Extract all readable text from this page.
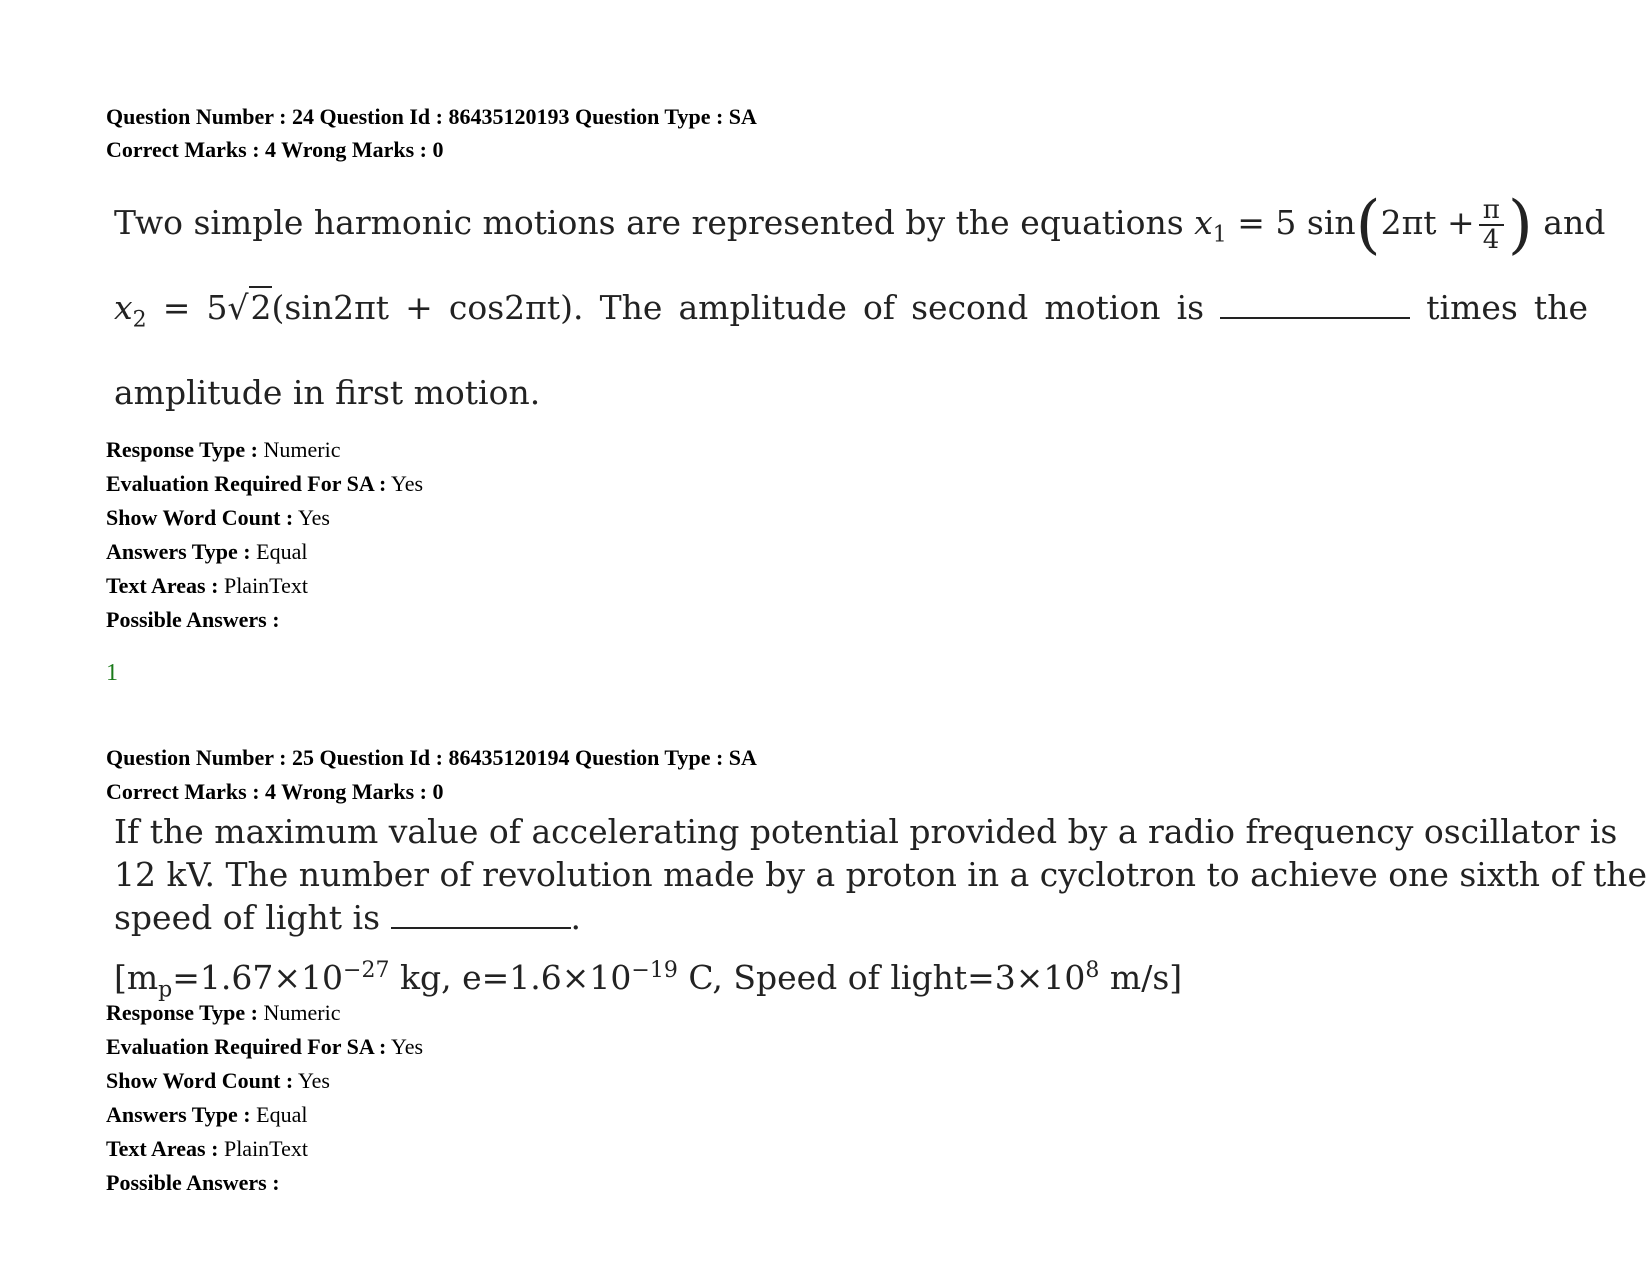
Question Number : 24 Question Id : 86435120193 Question Type : SA
Correct Marks : 4 Wrong Marks : 0
Two simple harmonic motions are represented by the equations $x_1 = 5$ $\sin(2\pi t + \frac{\pi}{4}$ ) and
$x_2 = 5√2(\sin 2\pi t + \cos 2\pi t)$. The amplitude of second motion is	times the
amplitude in first motion.
Response Type : Numeric
Evaluation Required For SA : Yes
Show Word Count : Yes
Answers Type : Equal
Text Areas : PlainText
Possible Answers :
1
Question Number : 25 Question Id : 86435120194 Question Type : SA
Correct Marks : 4 Wrong Marks : 0
If the maximum value of accelerating potential provided by a radio frequency oscillator is
12 kV. The number of revolution made by a proton in a cyclotron to achieve one sixth of the
speed of light is	.
[$m_p=1.67\times 10^{-27}$ kg, $e=1.6\times 10^{-19}$ C, Speed of $light=3\times 10^8$ m/s]
Response Type : Numeric
Evaluation Required For SA : Yes
Show Word Count : Yes
Answers Type : Equal
Text Areas : PlainText
Possible Answers :
